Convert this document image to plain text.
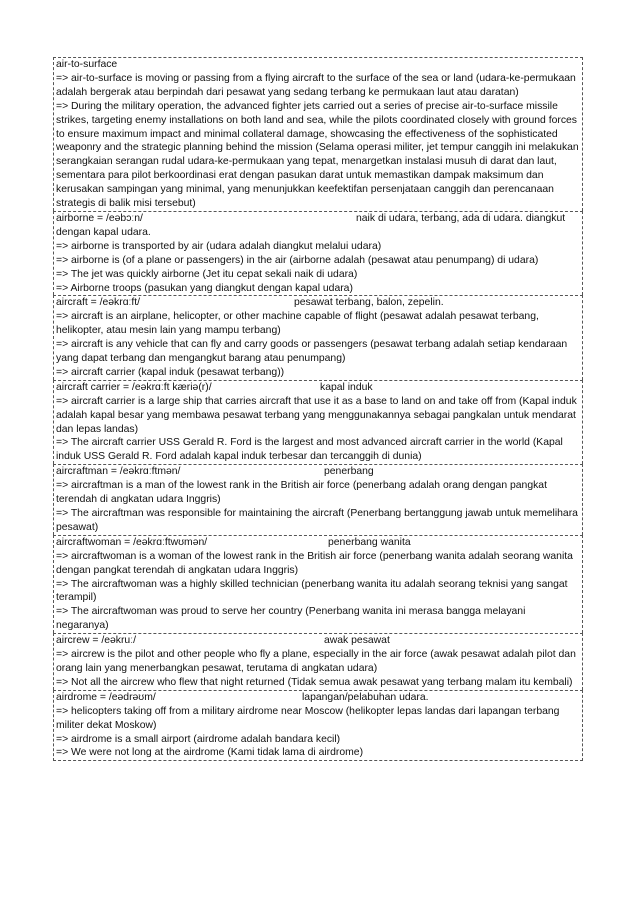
air-to-surface
=> air-to-surface is moving or passing from a flying aircraft to the surface of the sea or land (udara-ke-permukaan adalah bergerak atau berpindah dari pesawat yang sedang terbang ke permukaan laut atau daratan)
=> During the military operation, the advanced fighter jets carried out a series of precise air-to-surface missile strikes, targeting enemy installations on both land and sea, while the pilots coordinated closely with ground forces to ensure maximum impact and minimal collateral damage, showcasing the effectiveness of the sophisticated weaponry and the strategic planning behind the mission (Selama operasi militer, jet tempur canggih ini melakukan serangkaian serangan rudal udara-ke-permukaan yang tepat, menargetkan instalasi musuh di darat dan laut, sementara para pilot berkoordinasi erat dengan pasukan darat untuk memastikan dampak maksimum dan kerusakan sampingan yang minimal, yang menunjukkan keefektifan persenjataan canggih dan perencanaan strategis di balik misi tersebut)
airborne = /eəbɔːn/	naik di udara, terbang, ada di udara. diangkut dengan kapal udara.
=> airborne is transported by air (udara adalah diangkut melalui udara)
=> airborne is (of a plane or passengers) in the air (airborne adalah (pesawat atau penumpang) di udara)
=> The jet was quickly airborne (Jet itu cepat sekali naik di udara)
=> Airborne troops (pasukan yang diangkut dengan kapal udara)
aircraft = /eəkrɑːft/	pesawat terbang, balon, zepelin.
=> aircraft is an airplane, helicopter, or other machine capable of flight (pesawat adalah pesawat terbang, helikopter, atau mesin lain yang mampu terbang)
=> aircraft is any vehicle that can fly and carry goods or passengers (pesawat terbang adalah setiap kendaraan yang dapat terbang dan mengangkut barang atau penumpang)
=> aircraft carrier (kapal induk (pesawat terbang))
aircraft carrier = /eəkrɑːft kæriə(r)/	kapal induk
=> aircraft carrier is a large ship that carries aircraft that use it as a base to land on and take off from (Kapal induk adalah kapal besar yang membawa pesawat terbang yang menggunakannya sebagai pangkalan untuk mendarat dan lepas landas)
=> The aircraft carrier USS Gerald R. Ford is the largest and most advanced aircraft carrier in the world (Kapal induk USS Gerald R. Ford adalah kapal induk terbesar dan tercanggih di dunia)
aircraftman = /eəkrɑːftmən/	penerbang
=> aircraftman is a man of the lowest rank in the British air force (penerbang adalah orang dengan pangkat terendah di angkatan udara Inggris)
=> The aircraftman was responsible for maintaining the aircraft (Penerbang bertanggung jawab untuk memelihara pesawat)
aircraftwoman = /eəkrɑːftwʊmən/	penerbang wanita
=> aircraftwoman is a woman of the lowest rank in the British air force (penerbang wanita adalah seorang wanita dengan pangkat terendah di angkatan udara Inggris)
=> The aircraftwoman was a highly skilled technician (penerbang wanita itu adalah seorang teknisi yang sangat terampil)
=> The aircraftwoman was proud to serve her country (Penerbang wanita ini merasa bangga melayani negaranya)
aircrew = /eəkruː/	awak pesawat
=> aircrew is the pilot and other people who fly a plane, especially in the air force (awak pesawat adalah pilot dan orang lain yang menerbangkan pesawat, terutama di angkatan udara)
=> Not all the aircrew who flew that night returned (Tidak semua awak pesawat yang terbang malam itu kembali)
airdrome = /eədrəʊm/	lapangan/pelabuhan udara.
=> helicopters taking off from a military airdrome near Moscow (helikopter lepas landas dari lapangan terbang militer dekat Moskow)
=> airdrome is a small airport (airdrome adalah bandara kecil)
=> We were not long at the airdrome (Kami tidak lama di airdrome)
